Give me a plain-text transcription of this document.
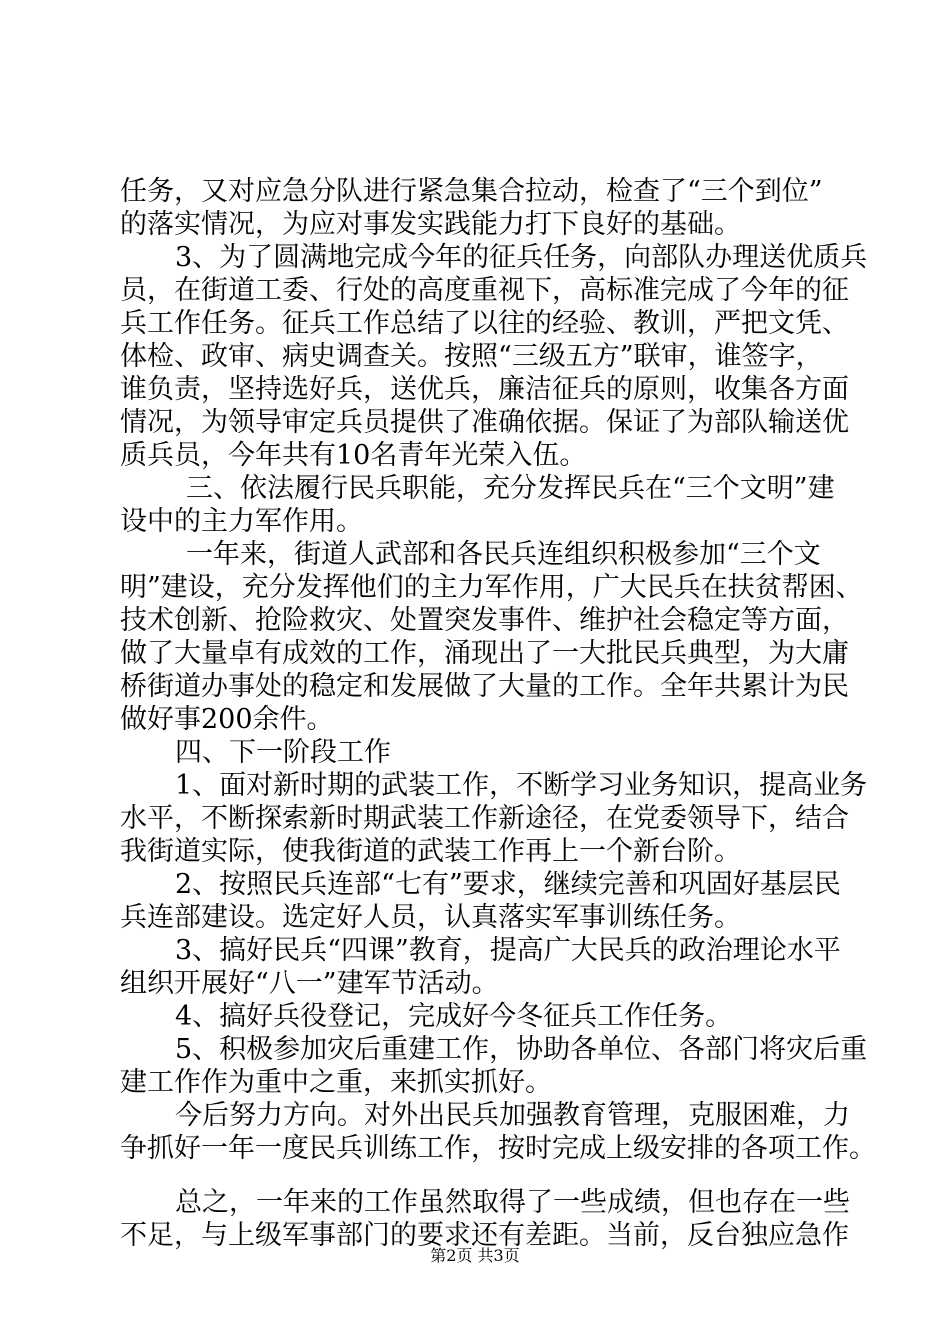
任务，又对应急分队进行紧急集合拉动，检查了“三个到位”
的落实情况，为应对事发实践能力打下良好的基础。
3、为了圆满地完成今年的征兵任务，向部队办理送优质兵
员，在街道工委、行处的高度重视下，高标准完成了今年的征
兵工作任务。征兵工作总结了以往的经验、教训，严把文凭、
体检、政审、病史调查关。按照“三级五方”联审，谁签字，
谁负责，坚持选好兵，送优兵，廉洁征兵的原则，收集各方面
情况，为领导审定兵员提供了准确依据。保证了为部队输送优
质兵员，今年共有10名青年光荣入伍。
三、依法履行民兵职能，充分发挥民兵在“三个文明”建
设中的主力军作用。
一年来，街道人武部和各民兵连组织积极参加“三个文
明”建设，充分发挥他们的主力军作用，广大民兵在扶贫帮困、
技术创新、抢险救灾、处置突发事件、维护社会稳定等方面，
做了大量卓有成效的工作，涌现出了一大批民兵典型，为大庸
桥街道办事处的稳定和发展做了大量的工作。全年共累计为民
做好事200余件。
四、下一阶段工作
1、面对新时期的武装工作，不断学习业务知识，提高业务
水平，不断探索新时期武装工作新途径，在党委领导下，结合
我街道实际，使我街道的武装工作再上一个新台阶。
2、按照民兵连部“七有”要求，继续完善和巩固好基层民
兵连部建设。选定好人员，认真落实军事训练任务。
3、搞好民兵“四课”教育，提高广大民兵的政治理论水平
组织开展好“八一”建军节活动。
4、搞好兵役登记，完成好今冬征兵工作任务。
5、积极参加灾后重建工作，协助各单位、各部门将灾后重
建工作作为重中之重，来抓实抓好。
今后努力方向。对外出民兵加强教育管理，克服困难，力
争抓好一年一度民兵训练工作，按时完成上级安排的各项工作。
总之，一年来的工作虽然取得了一些成绩，但也存在一些
不足，与上级军事部门的要求还有差距。当前，反台独应急作
第2页 共3页
